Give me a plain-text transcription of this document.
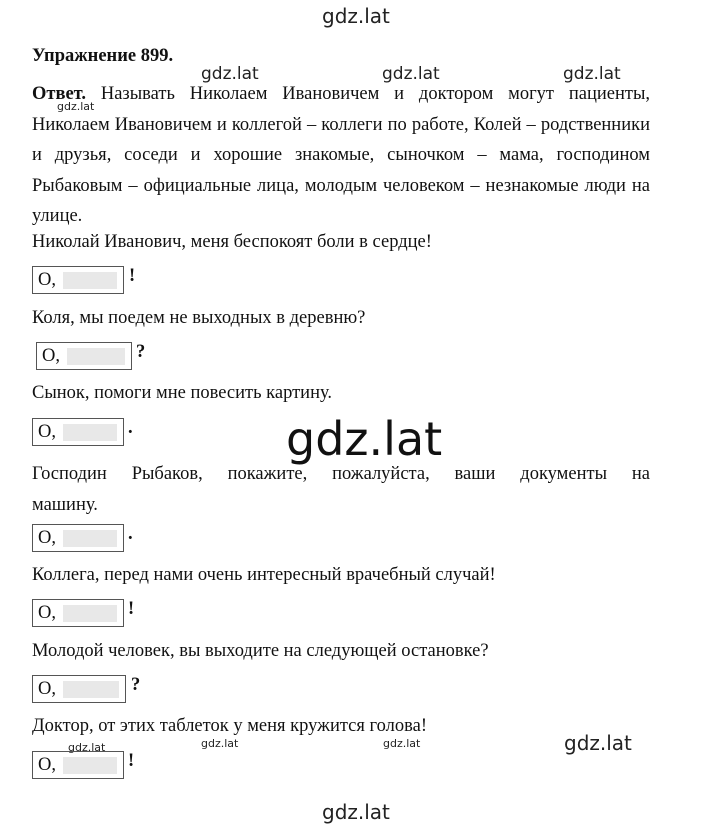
gdz.lat
gdz.lat	gdz.lat	gdz.lat
gdz.lat
gdz.lat
gdz.lat	gdz.lat	gdz.lat	gdz.lat
gdz.lat
Упражнение 899.
Ответ. Называть Николаем Ивановичем и доктором могут пациенты, Николаем Ивановичем и коллегой – коллеги по работе, Колей – родственники и друзья, соседи и хорошие знакомые, сыночком – мама, господином Рыбаковым – официальные лица, молодым человеком – незнакомые люди на улице.
Николай Иванович, меня беспокоят боли в сердце!
О,	!
Коля, мы поедем не выходных в деревню?
О,	?
Сынок, помоги мне повесить картину.
О,	.
Господин Рыбаков, покажите, пожалуйста, ваши документы на
машину.
О,	.
Коллега, перед нами очень интересный врачебный случай!
О,	!
Молодой человек, вы выходите на следующей остановке?
О,	?
Доктор, от этих таблеток у меня кружится голова!
О,	!
